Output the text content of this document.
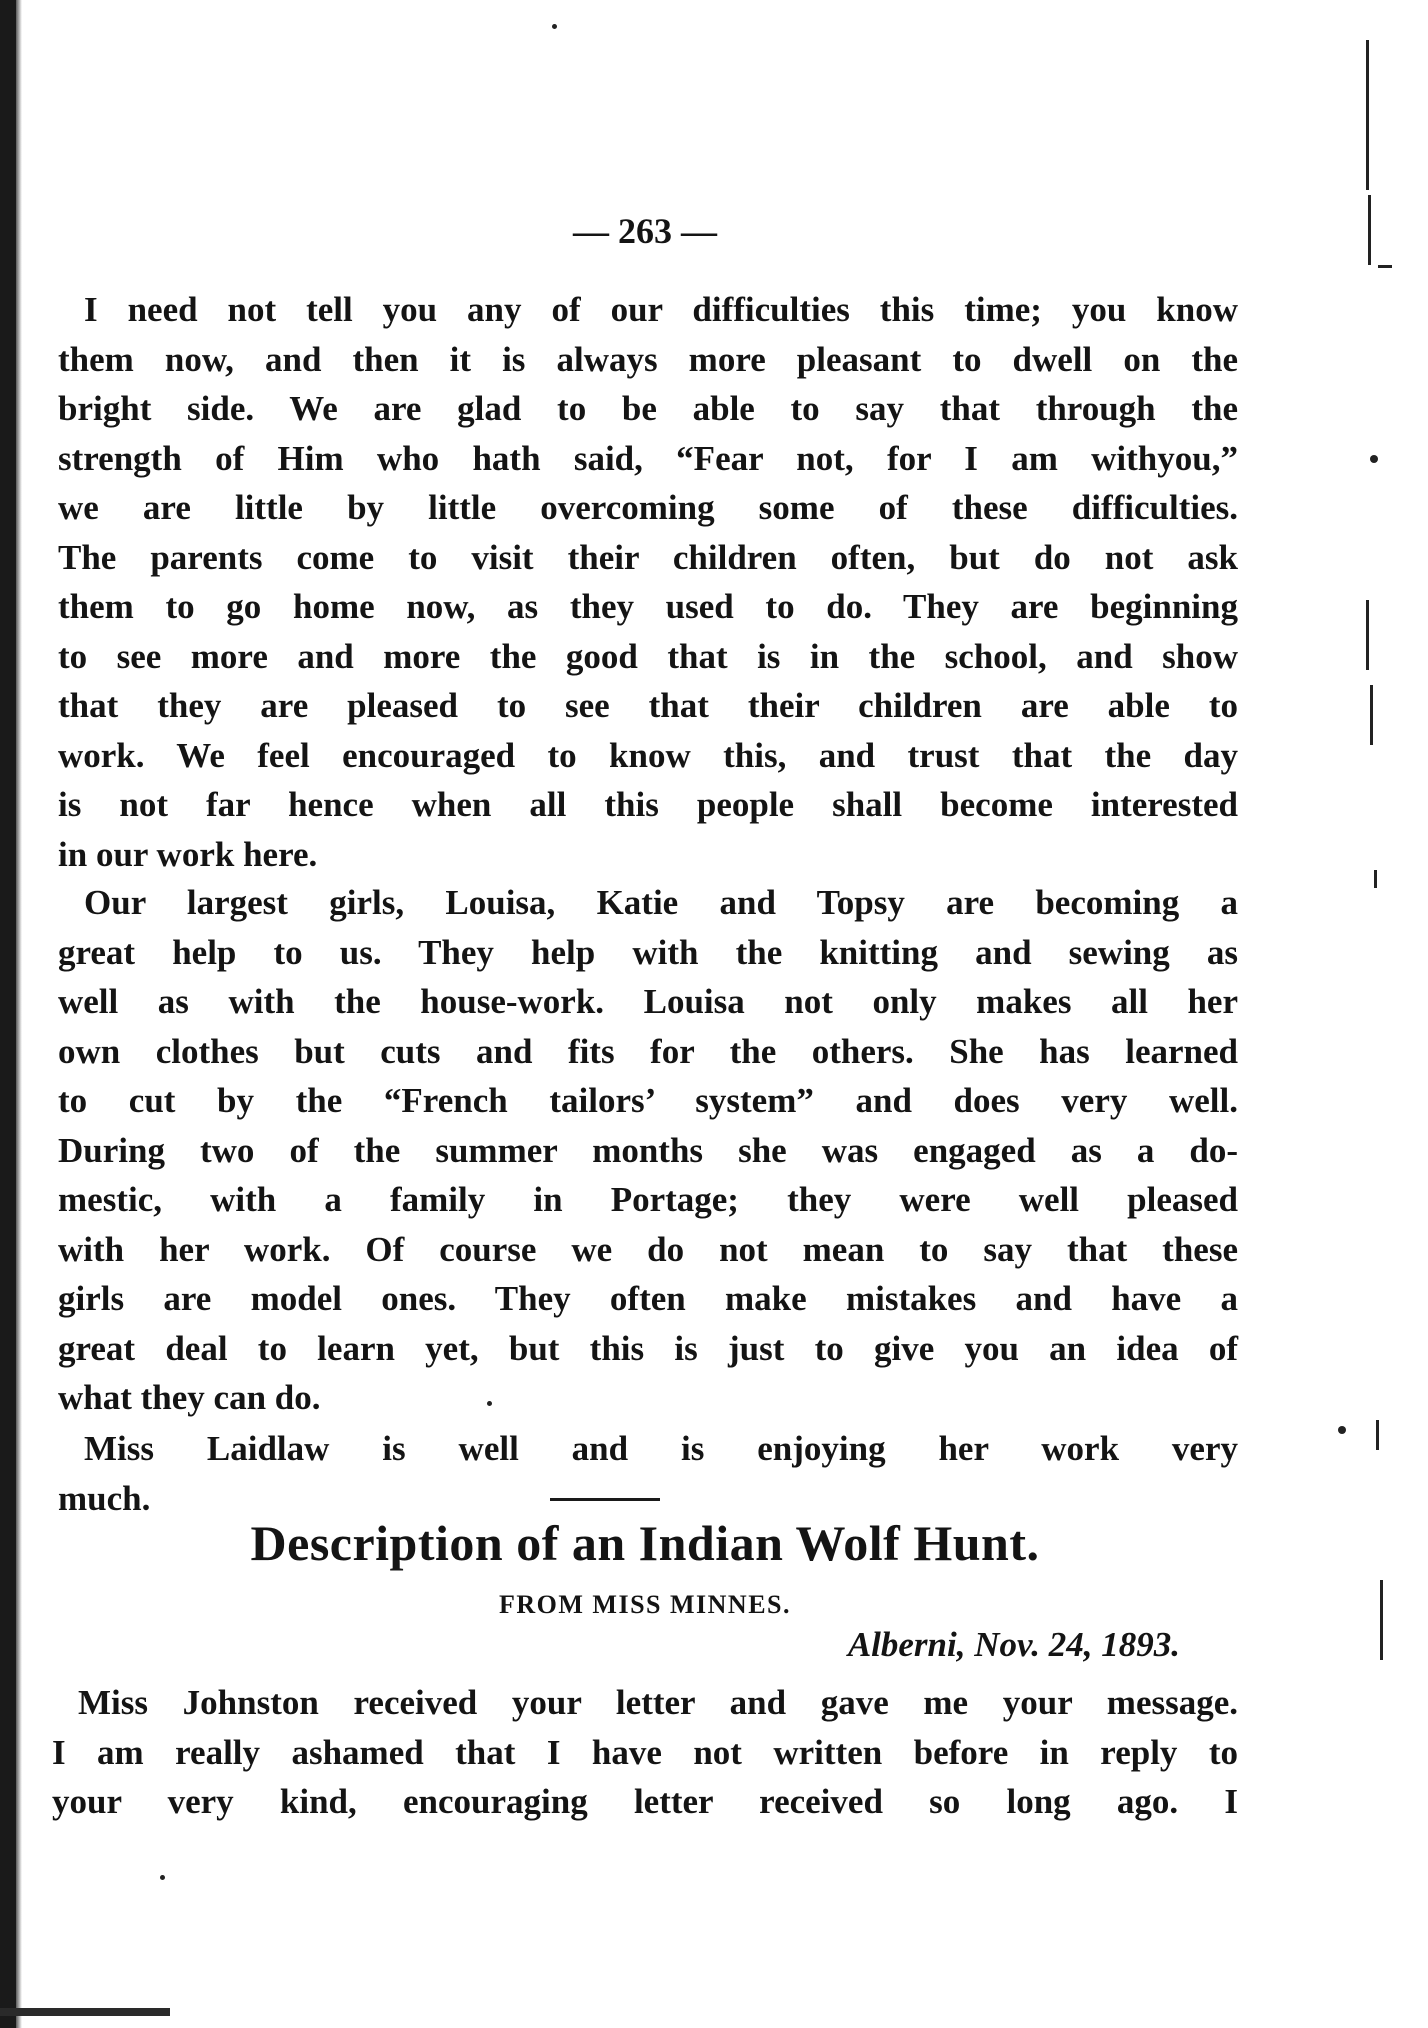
— 263 —

I need not tell you any of our difficulties this time; you know
them now, and then it is always more pleasant to dwell on the
bright side. We are glad to be able to say that through the
strength of Him who hath said, “Fear not, for I am withyou,”
we are little by little overcoming some of these difficulties.
The parents come to visit their children often, but do not ask
them to go home now, as they used to do. They are beginning
to see more and more the good that is in the school, and show
that they are pleased to see that their children are able to
work. We feel encouraged to know this, and trust that the day
is not far hence when all this people shall become interested
in our work here.

Our largest girls, Louisa, Katie and Topsy are becoming a
great help to us. They help with the knitting and sewing as
well as with the house-work. Louisa not only makes all her
own clothes but cuts and fits for the others. She has learned
to cut by the “French tailors’ system” and does very well.
During two of the summer months she was engaged as a do-
mestic, with a family in Portage; they were well pleased
with her work. Of course we do not mean to say that these
girls are model ones. They often make mistakes and have a
great deal to learn yet, but this is just to give you an idea of
what they can do.

Miss Laidlaw is well and is enjoying her work very
much.

Description of an Indian Wolf Hunt.
FROM MISS MINNES.
Alberni, Nov. 24, 1893.

Miss Johnston received your letter and gave me your message.
I am really ashamed that I have not written before in reply to
your very kind, encouraging letter received so long ago. I
